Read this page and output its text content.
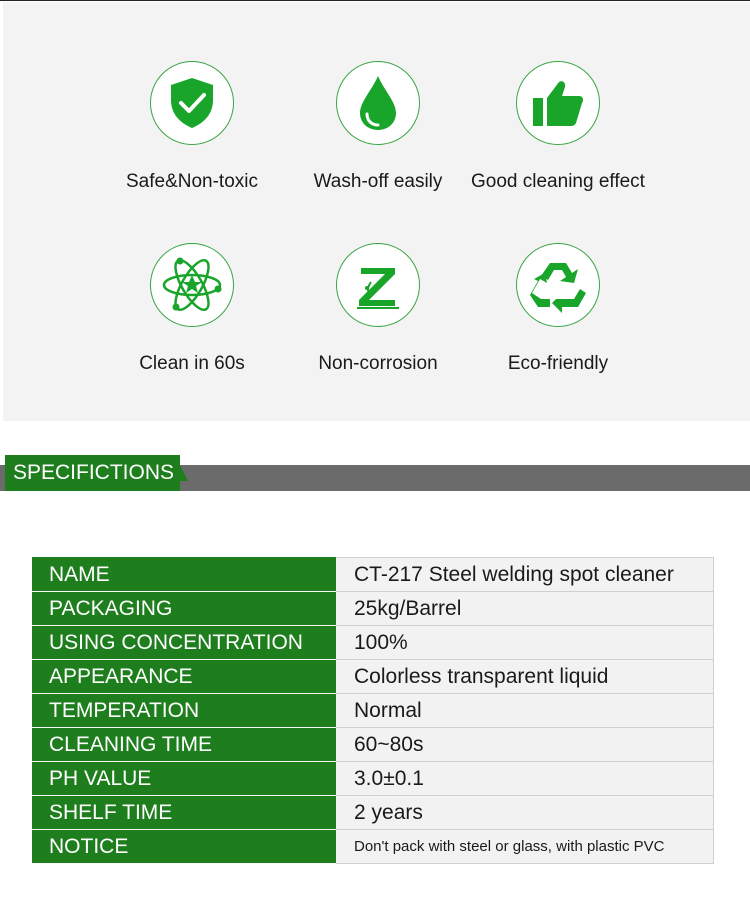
Safe&Non-toxic	Wash-off easily	Good cleaning effect
Clean in 60s	Non-corrosion	Eco-friendly
SPECIFICTIONS
NAME	CT-217 Steel welding spot cleaner
PACKAGING	25kg/Barrel
USING CONCENTRATION	100%
APPEARANCE	Colorless transparent liquid
TEMPERATION	Normal
CLEANING TIME	60~80s
PH VALUE	3.0±0.1
SHELF TIME	2 years
NOTICE	Don't pack with steel or glass, with plastic PVC
